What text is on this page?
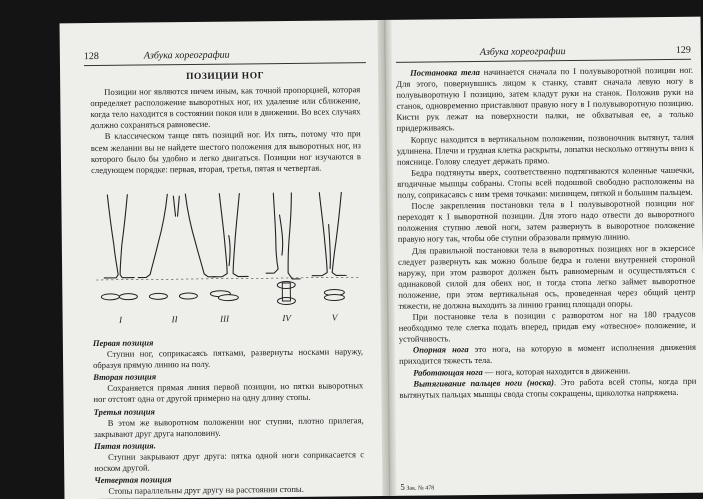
128	Азбука хореографии
ПОЗИЦИИ НОГ

Позиции ног являются ничем иным, как точной пропорцией, которая определяет расположение выворотных ног, их удаление или сближение, когда тело находится в состоянии покоя или в движении. Во всех случаях должно сохраняться равновесие.

В классическом танце пять позиций ног. Их пять, потому что при всем желании вы не найдете шестого положения для выворотных ног, из которого было бы удобно и легко двигаться. Позиции ног изучаются в следующем порядке: первая, вторая, третья, пятая и четвертая.

I	II	III	IV	V

Первая позиция

Ступни ног, соприкасаясь пятками, развернуты носками наружу, образуя прямую линию на полу.

Вторая позиция

Сохраняется прямая линия первой позиции, но пятки выворотных ног отстоят одна от другой примерно на одну длину стопы.

Третья позиция

В этом же выворотном положении ног ступни, плотно прилегая, закрывают друг друга наполовину.

Пятая позиция.

Ступни закрывают друг друга: пятка одной ноги соприкасается с носком другой.

Четвертая позиция

Стопы параллельны друг другу на расстоянии стопы.

Азбука хореографии	129

Постановка тела начинается сначала по I полувыворотной позиции ног. Для этого, повернувшись лицом к станку, ставят сначала левую ногу в полувыворотную I позицию, затем кладут руки на станок. Положив руки на станок, одновременно приставляют правую ногу в I полувыворотную позицию. Кисти рук лежат на поверхности палки, не обхватывая ее, а только придерживаясь.

Корпус находится в вертикальном положении, позвоночник вытянут, талия удлинена. Плечи и грудная клетка раскрыты, лопатки несколько оттянуты вниз к пояснице. Голову следует держать прямо.

Бедра подтянуты вверх, соответственно подтягиваются коленные чашечки, ягодичные мышцы собраны. Стопы всей подошвой свободно расположены на полу, соприкасаясь с ним тремя точками: мизинцем, пяткой и большим пальцем.

После закрепления постановки тела в I полувыворотной позиции ног переходят к I выворотной позиции. Для этого надо отвести до выворотного положения ступню левой ноги, затем развернуть в выворотное положение правую ногу так, чтобы обе ступни образовали прямую линию.

Для правильной постановки тела в выворотных позициях ног в экзерсисе следует развернуть как можно больше бедра и голени внутренней стороной наружу, при этом разворот должен быть равномерным и осуществляться с одинаковой силой для обеих ног, и тогда стопа легко займет выворотное положение, при этом вертикальная ось, проведенная через общий центр тяжести, не должна выходить за линию границ площади опоры.

При постановке тела в позиции с разворотом ног на 180 градусов необходимо теле слегка подать вперед, придав ему «отвесное» положение, и устойчивость.

Опорная нога это нога, на которую в момент исполнения движения приходится тяжесть тела.

Работающая нога — нога, которая находится в движении.

Вытягивание пальцев ноги (носка). Это работа всей стопы, когда при вытянутых пальцах мышцы свода стопы сокращены, щиколотка напряжена.

5 Зак. № 478
